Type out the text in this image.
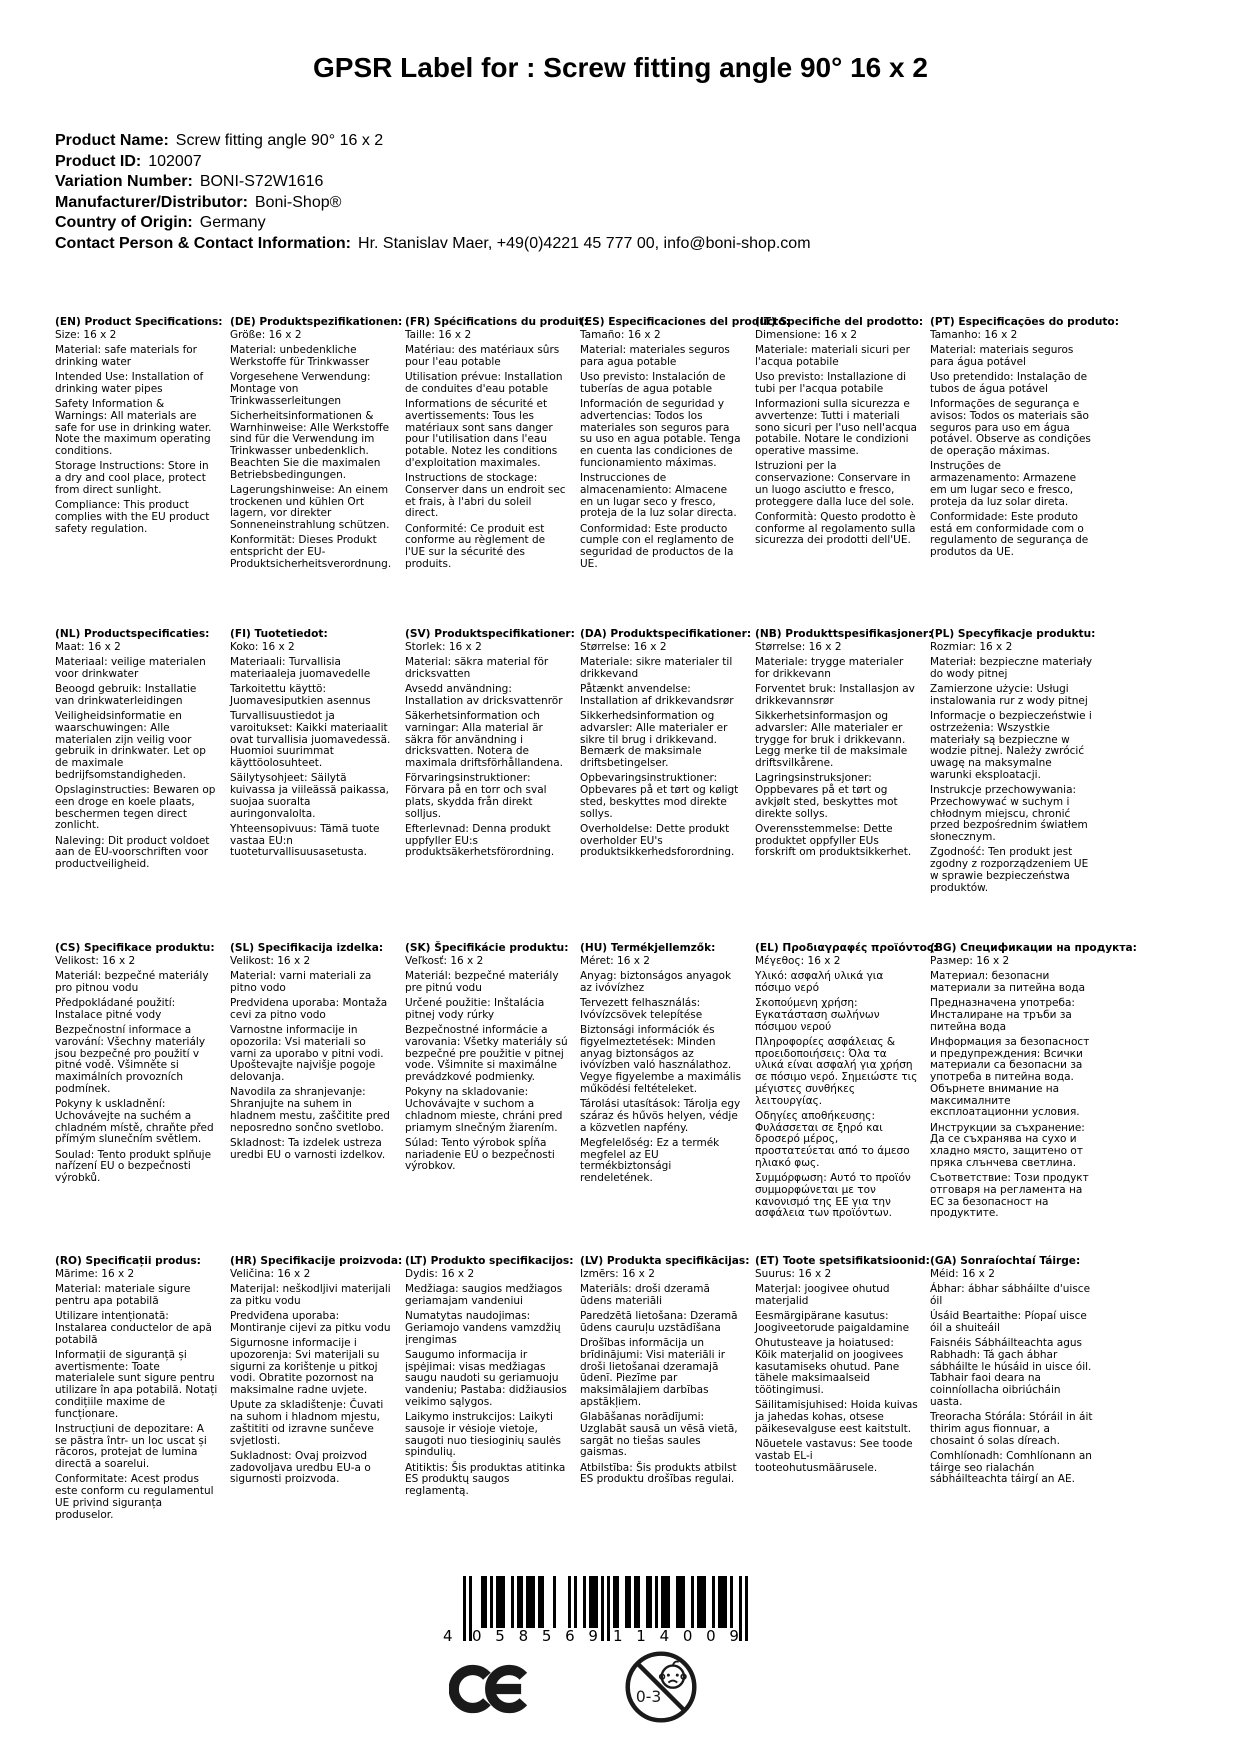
GPSR Label for : Screw fitting angle 90° 16 x 2
Product Name: Screw fitting angle 90° 16 x 2
Product ID: 102007
Variation Number: BONI-S72W1616
Manufacturer/Distributor: Boni-Shop®
Country of Origin: Germany
Contact Person & Contact Information: Hr. Stanislav Maer, +49(0)4221 45 777 00, info@boni-shop.com
(EN) Product Specifications:

Size: 16 x 2

Material: safe materials for drinking water

Intended Use: Installation of drinking water pipes

Safety Information & Warnings: All materials are safe for use in drinking water. Note the maximum operating conditions.

Storage Instructions: Store in a dry and cool place, protect from direct sunlight.

Compliance: This product complies with the EU product safety regulation.

(DE) Produktspezifikationen:

Größe: 16 x 2

Material: unbedenkliche Werkstoffe für Trinkwasser

Vorgesehene Verwendung: Montage von Trinkwasserleitungen

Sicherheitsinformationen & Warnhinweise: Alle Werkstoffe sind für die Verwendung im Trinkwasser unbedenklich. Beachten Sie die maximalen Betriebsbedingungen.

Lagerungshinweise: An einem trockenen und kühlen Ort lagern, vor direkter Sonneneinstrahlung schützen.

Konformität: Dieses Produkt entspricht der EU-Produktsicherheitsverordnung.

(FR) Spécifications du produit:

Taille: 16 x 2

Matériau: des matériaux sûrs pour l'eau potable

Utilisation prévue: Installation de conduites d'eau potable

Informations de sécurité et avertissements: Tous les matériaux sont sans danger pour l'utilisation dans l'eau potable. Notez les conditions d'exploitation maximales.

Instructions de stockage: Conserver dans un endroit sec et frais, à l'abri du soleil direct.

Conformité: Ce produit est conforme au règlement de l'UE sur la sécurité des produits.

(ES) Especificaciones del producto:

Tamaño: 16 x 2

Material: materiales seguros para agua potable

Uso previsto: Instalación de tuberías de agua potable

Información de seguridad y advertencias: Todos los materiales son seguros para su uso en agua potable. Tenga en cuenta las condiciones de funcionamiento máximas.

Instrucciones de almacenamiento: Almacene en un lugar seco y fresco, proteja de la luz solar directa.

Conformidad: Este producto cumple con el reglamento de seguridad de productos de la UE.

(IT) Specifiche del prodotto:

Dimensione: 16 x 2

Materiale: materiali sicuri per l'acqua potabile

Uso previsto: Installazione di tubi per l'acqua potabile

Informazioni sulla sicurezza e avvertenze: Tutti i materiali sono sicuri per l'uso nell'acqua potabile. Notare le condizioni operative massime.

Istruzioni per la conservazione: Conservare in un luogo asciutto e fresco, proteggere dalla luce del sole.

Conformità: Questo prodotto è conforme al regolamento sulla sicurezza dei prodotti dell'UE.

(PT) Especificações do produto:

Tamanho: 16 x 2

Material: materiais seguros para água potável

Uso pretendido: Instalação de tubos de água potável

Informações de segurança e avisos: Todos os materiais são seguros para uso em água potável. Observe as condições de operação máximas.

Instruções de armazenamento: Armazene em um lugar seco e fresco, proteja da luz solar direta.

Conformidade: Este produto está em conformidade com o regulamento de segurança de produtos da UE.

(NL) Productspecificaties:

Maat: 16 x 2

Materiaal: veilige materialen voor drinkwater

Beoogd gebruik: Installatie van drinkwaterleidingen

Veiligheidsinformatie en waarschuwingen: Alle materialen zijn veilig voor gebruik in drinkwater. Let op de maximale bedrijfsomstandigheden.

Opslaginstructies: Bewaren op een droge en koele plaats, beschermen tegen direct zonlicht.

Naleving: Dit product voldoet aan de EU-voorschriften voor productveiligheid.

(FI) Tuotetiedot:

Koko: 16 x 2

Materiaali: Turvallisia materiaaleja juomavedelle

Tarkoitettu käyttö: Juomavesiputkien asennus

Turvallisuustiedot ja varoitukset: Kaikki materiaalit ovat turvallisia juomavedessä. Huomioi suurimmat käyttöolosuhteet.

Säilytysohjeet: Säilytä kuivassa ja viileässä paikassa, suojaa suoralta auringonvalolta.

Yhteensopivuus: Tämä tuote vastaa EU:n tuoteturvallisuusasetusta.

(SV) Produktspecifikationer:

Storlek: 16 x 2

Material: säkra material för dricksvatten

Avsedd användning: Installation av dricksvattenrör

Säkerhetsinformation och varningar: Alla material är säkra för användning i dricksvatten. Notera de maximala driftsförhållandena.

Förvaringsinstruktioner: Förvara på en torr och sval plats, skydda från direkt solljus.

Efterlevnad: Denna produkt uppfyller EU:s produktsäkerhetsförordning.

(DA) Produktspecifikationer:

Størrelse: 16 x 2

Materiale: sikre materialer til drikkevand

Påtænkt anvendelse: Installation af drikkevandsrør

Sikkerhedsinformation og advarsler: Alle materialer er sikre til brug i drikkevand. Bemærk de maksimale driftsbetingelser.

Opbevaringsinstruktioner: Opbevares på et tørt og køligt sted, beskyttes mod direkte sollys.

Overholdelse: Dette produkt overholder EU's produktsikkerhedsforordning.

(NB) Produkttspesifikasjoner:

Størrelse: 16 x 2

Materiale: trygge materialer for drikkevann

Forventet bruk: Installasjon av drikkevannsrør

Sikkerhetsinformasjon og advarsler: Alle materialer er trygge for bruk i drikkevann. Legg merke til de maksimale driftsvilkårene.

Lagringsinstruksjoner: Oppbevares på et tørt og avkjølt sted, beskyttes mot direkte sollys.

Overensstemmelse: Dette produktet oppfyller EUs forskrift om produktsikkerhet.

(PL) Specyfikacje produktu:

Rozmiar: 16 x 2

Materiał: bezpieczne materiały do wody pitnej

Zamierzone użycie: Usługi instalowania rur z wody pitnej

Informacje o bezpieczeństwie i ostrzeżenia: Wszystkie materiały są bezpieczne w wodzie pitnej. Należy zwrócić uwagę na maksymalne warunki eksploatacji.

Instrukcje przechowywania: Przechowywać w suchym i chłodnym miejscu, chronić przed bezpośrednim światłem słonecznym.

Zgodność: Ten produkt jest zgodny z rozporządzeniem UE w sprawie bezpieczeństwa produktów.

(CS) Specifikace produktu:

Velikost: 16 x 2

Materiál: bezpečné materiály pro pitnou vodu

Předpokládané použití: Instalace pitné vody

Bezpečnostní informace a varování: Všechny materiály jsou bezpečné pro použití v pitné vodě. Všimněte si maximálních provozních podmínek.

Pokyny k uskladnění: Uchovávejte na suchém a chladném místě, chraňte před přímým slunečním světlem.

Soulad: Tento produkt splňuje nařízení EU o bezpečnosti výrobků.

(SL) Specifikacija izdelka:

Velikost: 16 x 2

Material: varni materiali za pitno vodo

Predvidena uporaba: Montaža cevi za pitno vodo

Varnostne informacije in opozorila: Vsi materiali so varni za uporabo v pitni vodi. Upoštevajte najvišje pogoje delovanja.

Navodila za shranjevanje: Shranjujte na suhem in hladnem mestu, zaščitite pred neposredno sončno svetlobo.

Skladnost: Ta izdelek ustreza uredbi EU o varnosti izdelkov.

(SK) Špecifikácie produktu:

Veľkosť: 16 x 2

Materiál: bezpečné materiály pre pitnú vodu

Určené použitie: Inštalácia pitnej vody rúrky

Bezpečnostné informácie a varovania: Všetky materiály sú bezpečné pre použitie v pitnej vode. Všimnite si maximálne prevádzkové podmienky.

Pokyny na skladovanie: Uchovávajte v suchom a chladnom mieste, chráni pred priamym slnečným žiarením.

Súlad: Tento výrobok spĺňa nariadenie EÚ o bezpečnosti výrobkov.

(HU) Termékjellemzők:

Méret: 16 x 2

Anyag: biztonságos anyagok az ivóvízhez

Tervezett felhasználás: Ivóvízcsövek telepítése

Biztonsági információk és figyelmeztetések: Minden anyag biztonságos az ivóvízben való használathoz. Vegye figyelembe a maximális működési feltételeket.

Tárolási utasítások: Tárolja egy száraz és hűvös helyen, védje a közvetlen napfény.

Megfelelőség: Ez a termék megfelel az EU termékbiztonsági rendeletének.

(EL) Προδιαγραφές προϊόντος:

Μέγεθος: 16 x 2

Υλικό: ασφαλή υλικά για πόσιμο νερό

Σκοπούμενη χρήση: Εγκατάσταση σωλήνων πόσιμου νερού

Πληροφορίες ασφάλειας & προειδοποιήσεις: Όλα τα υλικά είναι ασφαλή για χρήση σε πόσιμο νερό. Σημειώστε τις μέγιστες συνθήκες λειτουργίας.

Οδηγίες αποθήκευσης: Φυλάσσεται σε ξηρό και δροσερό μέρος, προστατεύεται από το άμεσο ηλιακό φως.

Συμμόρφωση: Αυτό το προϊόν συμμορφώνεται με τον κανονισμό της ΕΕ για την ασφάλεια των προϊόντων.

(BG) Спецификации на продукта:

Размер: 16 x 2

Материал: безопасни материали за питейна вода

Предназначена употреба: Инсталиране на тръби за питейна вода

Информация за безопасност и предупреждения: Всички материали са безопасни за употреба в питейна вода. Обърнете внимание на максималните експлоатационни условия.

Инструкции за съхранение: Да се съхранява на сухо и хладно място, защитено от пряка слънчева светлина.

Съответствие: Този продукт отговаря на регламента на ЕС за безопасност на продуктите.

(RO) Specificații produs:

Mărime: 16 x 2

Material: materiale sigure pentru apa potabilă

Utilizare intenționată: Instalarea conductelor de apă potabilă

Informații de siguranță și avertismente: Toate materialele sunt sigure pentru utilizare în apa potabilă. Notați condițiile maxime de funcționare.

Instrucțiuni de depozitare: A se păstra într- un loc uscat și răcoros, protejat de lumina directă a soarelui.

Conformitate: Acest produs este conform cu regulamentul UE privind siguranța produselor.

(HR) Specifikacije proizvoda:

Veličina: 16 x 2

Materijal: neškodljivi materijali za pitku vodu

Predviđena uporaba: Montiranje cijevi za pitku vodu

Sigurnosne informacije i upozorenja: Svi materijali su sigurni za korištenje u pitkoj vodi. Obratite pozornost na maksimalne radne uvjete.

Upute za skladištenje: Čuvati na suhom i hladnom mjestu, zaštititi od izravne sunčeve svjetlosti.

Sukladnost: Ovaj proizvod zadovoljava uredbu EU-a o sigurnosti proizvoda.

(LT) Produkto specifikacijos:

Dydis: 16 x 2

Medžiaga: saugios medžiagos geriamajam vandeniui

Numatytas naudojimas: Geriamojo vandens vamzdžių įrengimas

Saugumo informacija ir įspėjimai: visas medžiagas saugu naudoti su geriamuoju vandeniu; Pastaba: didžiausios veikimo sąlygos.

Laikymo instrukcijos: Laikyti sausoje ir vėsioje vietoje, saugoti nuo tiesioginių saulės spindulių.

Atitiktis: Šis produktas atitinka ES produktų saugos reglamentą.

(LV) Produkta specifikācijas:

Izmērs: 16 x 2

Materiāls: droši dzeramā ūdens materiāli

Paredzētā lietošana: Dzeramā ūdens cauruļu uzstādīšana

Drošības informācija un brīdinājumi: Visi materiāli ir droši lietošanai dzeramajā ūdenī. Piezīme par maksimālajiem darbības apstākļiem.

Glabāšanas norādījumi: Uzglabāt sausā un vēsā vietā, sargāt no tiešas saules gaismas.

Atbilstība: Šis produkts atbilst ES produktu drošības regulai.

(ET) Toote spetsifikatsioonid:

Suurus: 16 x 2

Materjal: joogivee ohutud materjalid

Eesmärgipärane kasutus: Joogiveetorude paigaldamine

Ohutusteave ja hoiatused: Kõik materjalid on joogivees kasutamiseks ohutud. Pane tähele maksimaalseid töötingimusi.

Säilitamisjuhised: Hoida kuivas ja jahedas kohas, otsese päikesevalguse eest kaitstult.

Nõuetele vastavus: See toode vastab EL-i tooteohutusmäärusele.

(GA) Sonraíochtaí Táirge:

Méid: 16 x 2

Ábhar: ábhar sábháilte d'uisce óil

Úsáid Beartaithe: Píopaí uisce óil a shuiteáil

Faisnéis Sábháilteachta agus Rabhadh: Tá gach ábhar sábháilte le húsáid in uisce óil. Tabhair faoi deara na coinníollacha oibriúcháin uasta.

Treoracha Stórála: Stóráil in áit thirim agus fionnuar, a chosaint ó solas díreach.

Comhlíonadh: Comhlíonann an táirge seo rialachán sábháilteachta táirgí an AE.

4 0 5 8 5 6 9 1 1 4 0 0 9
0-3
